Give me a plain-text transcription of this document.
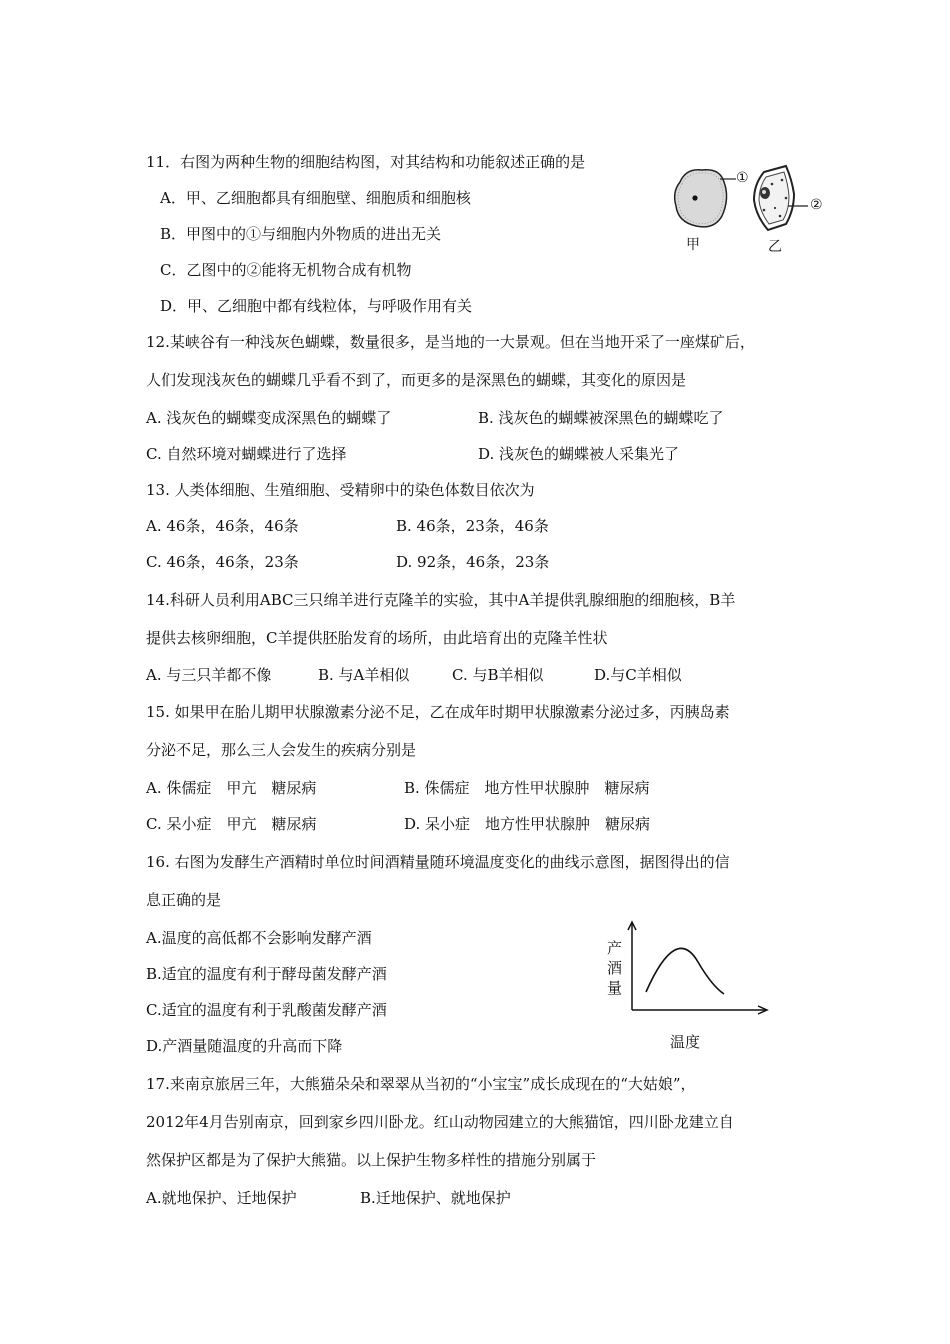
11．右图为两种生物的细胞结构图，对其结构和功能叙述正确的是
A．甲、乙细胞都具有细胞壁、细胞质和细胞核
B．甲图中的①与细胞内外物质的进出无关
C．乙图中的②能将无机物合成有机物
D．甲、乙细胞中都有线粒体，与呼吸作用有关
①
②
甲	乙
12.某峡谷有一种浅灰色蝴蝶，数量很多，是当地的一大景观。但在当地开采了一座煤矿后，
人们发现浅灰色的蝴蝶几乎看不到了，而更多的是深黑色的蝴蝶，其变化的原因是
A. 浅灰色的蝴蝶变成深黑色的蝴蝶了	B. 浅灰色的蝴蝶被深黑色的蝴蝶吃了
C. 自然环境对蝴蝶进行了选择	D. 浅灰色的蝴蝶被人采集光了
13. 人类体细胞、生殖细胞、受精卵中的染色体数目依次为
A. 46条，46条，46条	B. 46条，23条，46条
C. 46条，46条，23条	D. 92条，46条，23条
14.科研人员利用ABC三只绵羊进行克隆羊的实验，其中A羊提供乳腺细胞的细胞核，B羊
提供去核卵细胞，C羊提供胚胎发育的场所，由此培育出的克隆羊性状
A. 与三只羊都不像	B. 与A羊相似	C. 与B羊相似	D.与C羊相似
15. 如果甲在胎儿期甲状腺激素分泌不足，乙在成年时期甲状腺激素分泌过多，丙胰岛素
分泌不足，那么三人会发生的疾病分别是
A. 侏儒症　甲亢　糖尿病	B. 侏儒症　地方性甲状腺肿　糖尿病
C. 呆小症　甲亢　糖尿病	D. 呆小症　地方性甲状腺肿　糖尿病
16. 右图为发酵生产酒精时单位时间酒精量随环境温度变化的曲线示意图，据图得出的信
息正确的是
A.温度的高低都不会影响发酵产酒
B.适宜的温度有利于酵母菌发酵产酒
C.适宜的温度有利于乳酸菌发酵产酒
D.产酒量随温度的升高而下降
产酒量
温度
17.来南京旅居三年，大熊猫朵朵和翠翠从当初的“小宝宝”成长成现在的“大姑娘”，
2012年4月告别南京，回到家乡四川卧龙。红山动物园建立的大熊猫馆，四川卧龙建立自
然保护区都是为了保护大熊猫。以上保护生物多样性的措施分别属于
A.就地保护、迁地保护	B.迁地保护、就地保护
